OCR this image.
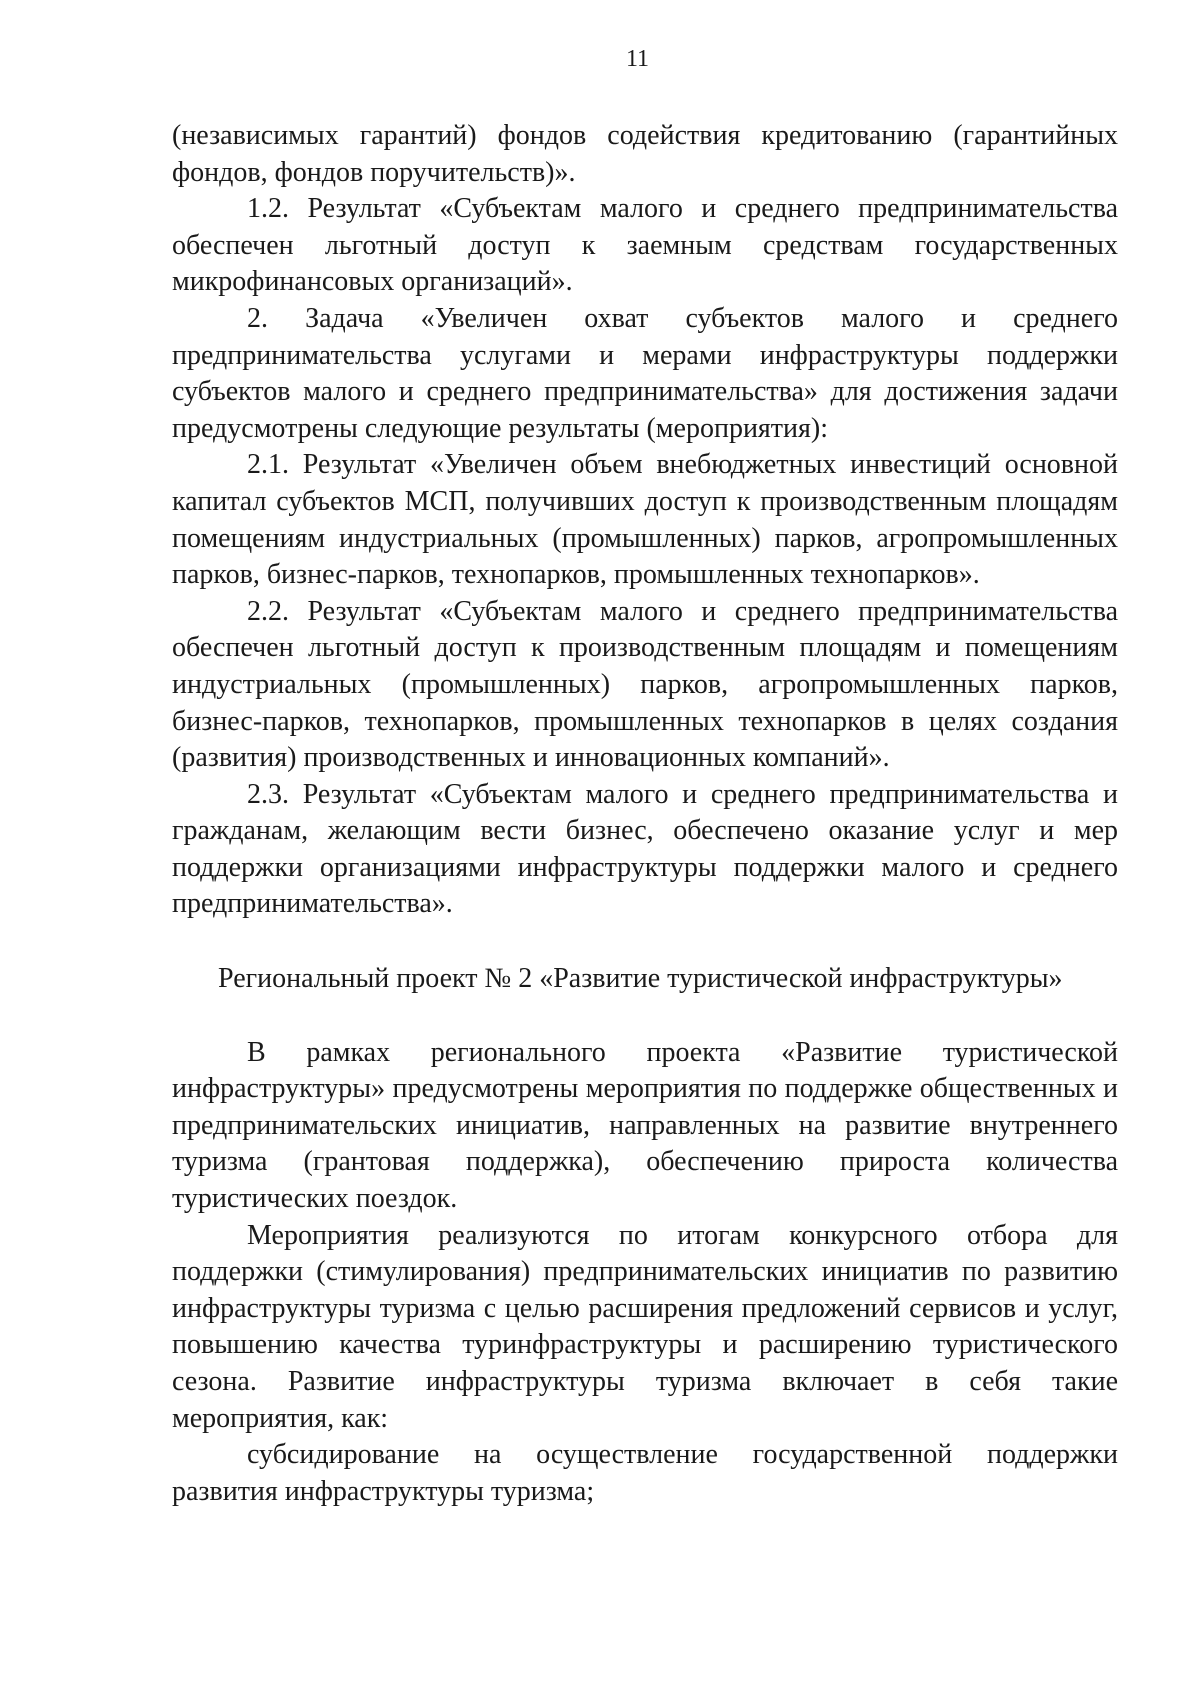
11

(независимых гарантий) фондов содействия кредитованию (гарантийных фондов, фондов поручительств)».

1.2. Результат «Субъектам малого и среднего предпринимательства обеспечен льготный доступ к заемным средствам государственных микрофинансовых организаций».

2. Задача «Увеличен охват субъектов малого и среднего предпринимательства услугами и мерами инфраструктуры поддержки субъектов малого и среднего предпринимательства» для достижения задачи предусмотрены следующие результаты (мероприятия):

2.1. Результат «Увеличен объем внебюджетных инвестиций основной капитал субъектов МСП, получивших доступ к производственным площадям помещениям индустриальных (промышленных) парков, агропромышленных парков, бизнес-парков, технопарков, промышленных технопарков».

2.2. Результат «Субъектам малого и среднего предпринимательства обеспечен льготный доступ к производственным площадям и помещениям индустриальных (промышленных) парков, агропромышленных парков, бизнес-парков, технопарков, промышленных технопарков в целях создания (развития) производственных и инновационных компаний».

2.3. Результат «Субъектам малого и среднего предпринимательства и гражданам, желающим вести бизнес, обеспечено оказание услуг и мер поддержки организациями инфраструктуры поддержки малого и среднего предпринимательства».

Региональный проект № 2 «Развитие туристической инфраструктуры»

В рамках регионального проекта «Развитие туристической инфраструктуры» предусмотрены мероприятия по поддержке общественных и предпринимательских инициатив, направленных на развитие внутреннего туризма (грантовая поддержка), обеспечению прироста количества туристических поездок.

Мероприятия реализуются по итогам конкурсного отбора для поддержки (стимулирования) предпринимательских инициатив по развитию инфраструктуры туризма с целью расширения предложений сервисов и услуг, повышению качества туринфраструктуры и расширению туристического сезона. Развитие инфраструктуры туризма включает в себя такие мероприятия, как:

субсидирование на осуществление государственной поддержки развития инфраструктуры туризма;
